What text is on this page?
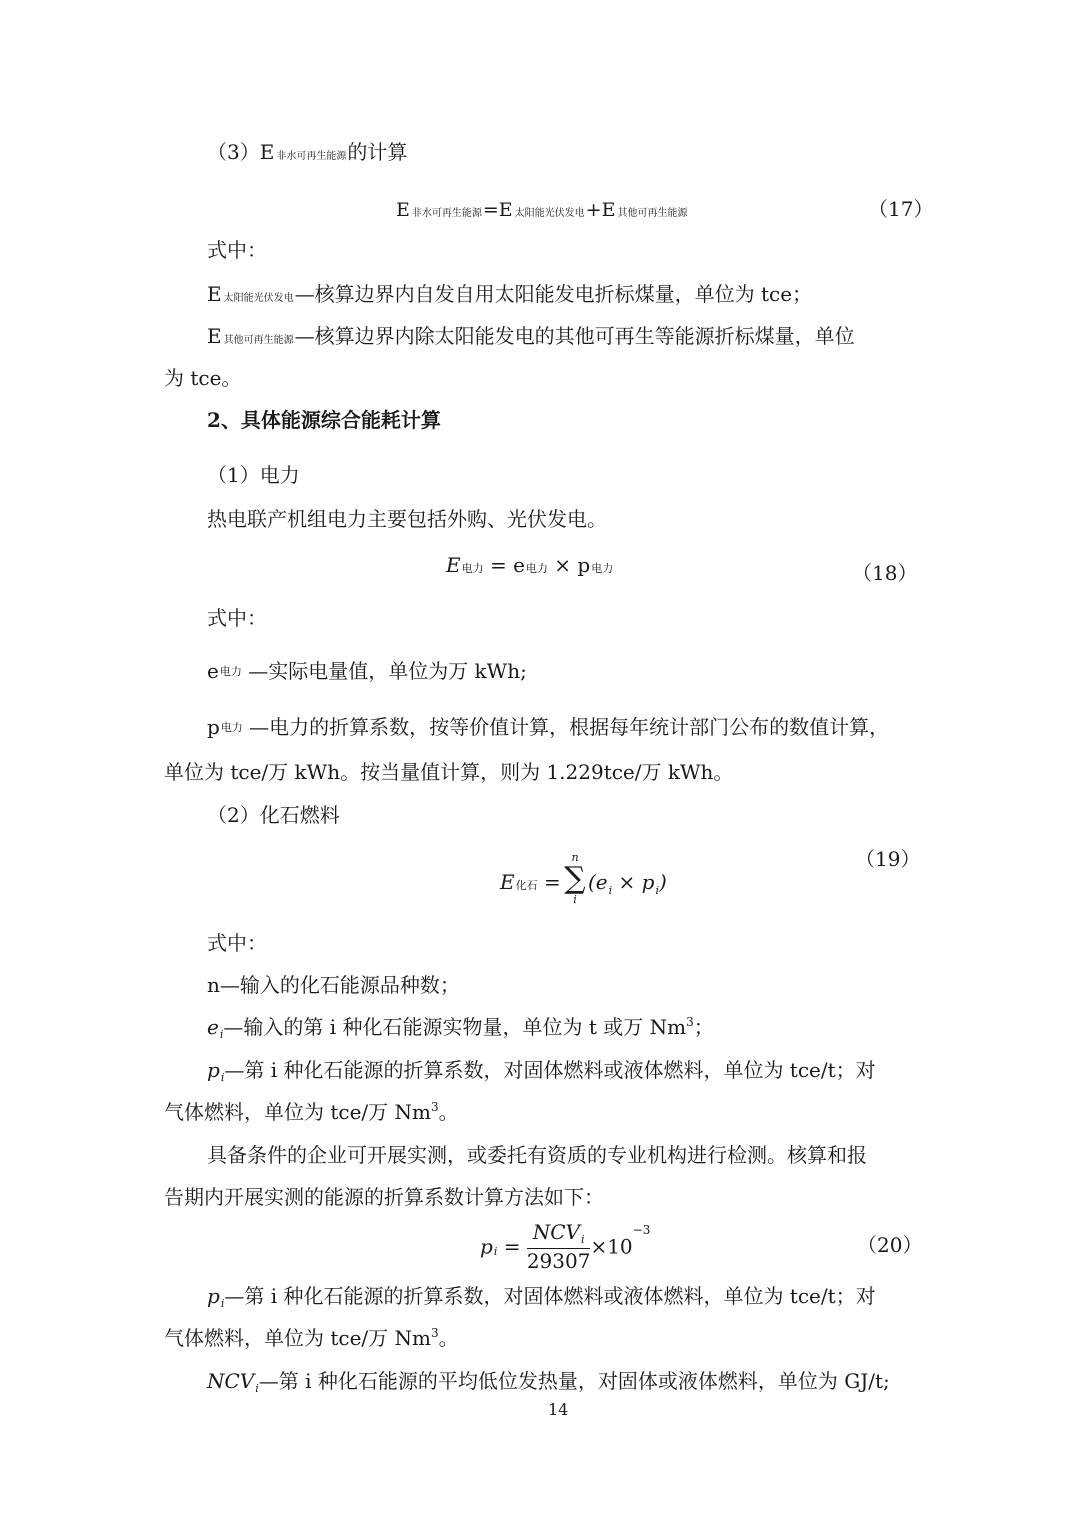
（3）E 非水可再生能源的计算
E非水可再生能源=E 太阳能光伏发电+E 其他可再生能源	（17）
式中：
E太阳能光伏发电—核算边界内自发自用太阳能发电折标煤量，单位为 tce；
E其他可再生能源—核算边界内除太阳能发电的其他可再生等能源折标煤量，单位
为 tce。
2、具体能源综合能耗计算
（1）电力
热电联产机组电力主要包括外购、光伏发电。
E电力 = e电力 × p电力	（18）
式中：
e电力 —实际电量值，单位为万 kWh;
p电力 —电力的折算系数，按等价值计算，根据每年统计部门公布的数值计算，
单位为 tce/万 kWh。按当量值计算，则为 1.229tce/万 kWh。
（2）化石燃料
E化石 =
n
∑
i
$(e_i \times p_i)$
（19）
式中：
n—输入的化石能源品种数；
$e_i—$输入的第 i 种化石能源实物量，单位为 t 或万 Nm$^3$；
$p_i—$第 i 种化石能源的折算系数，对固体燃料或液体燃料，单位为 tce/t；对
气体燃料，单位为 tce/万 Nm$^3$。
具备条件的企业可开展实测，或委托有资质的专业机构进行检测。核算和报
告期内开展实测的能源的折算系数计算方法如下：
$p_i = \frac{NCV_i}{29307} \times 10^{-3}$
（20）
$p_i—$第 i 种化石能源的折算系数，对固体燃料或液体燃料，单位为 tce/t；对
气体燃料，单位为 tce/万 Nm$^3$。
$NCV_i—$第 i 种化石能源的平均低位发热量，对固体或液体燃料，单位为 GJ/t;
14
